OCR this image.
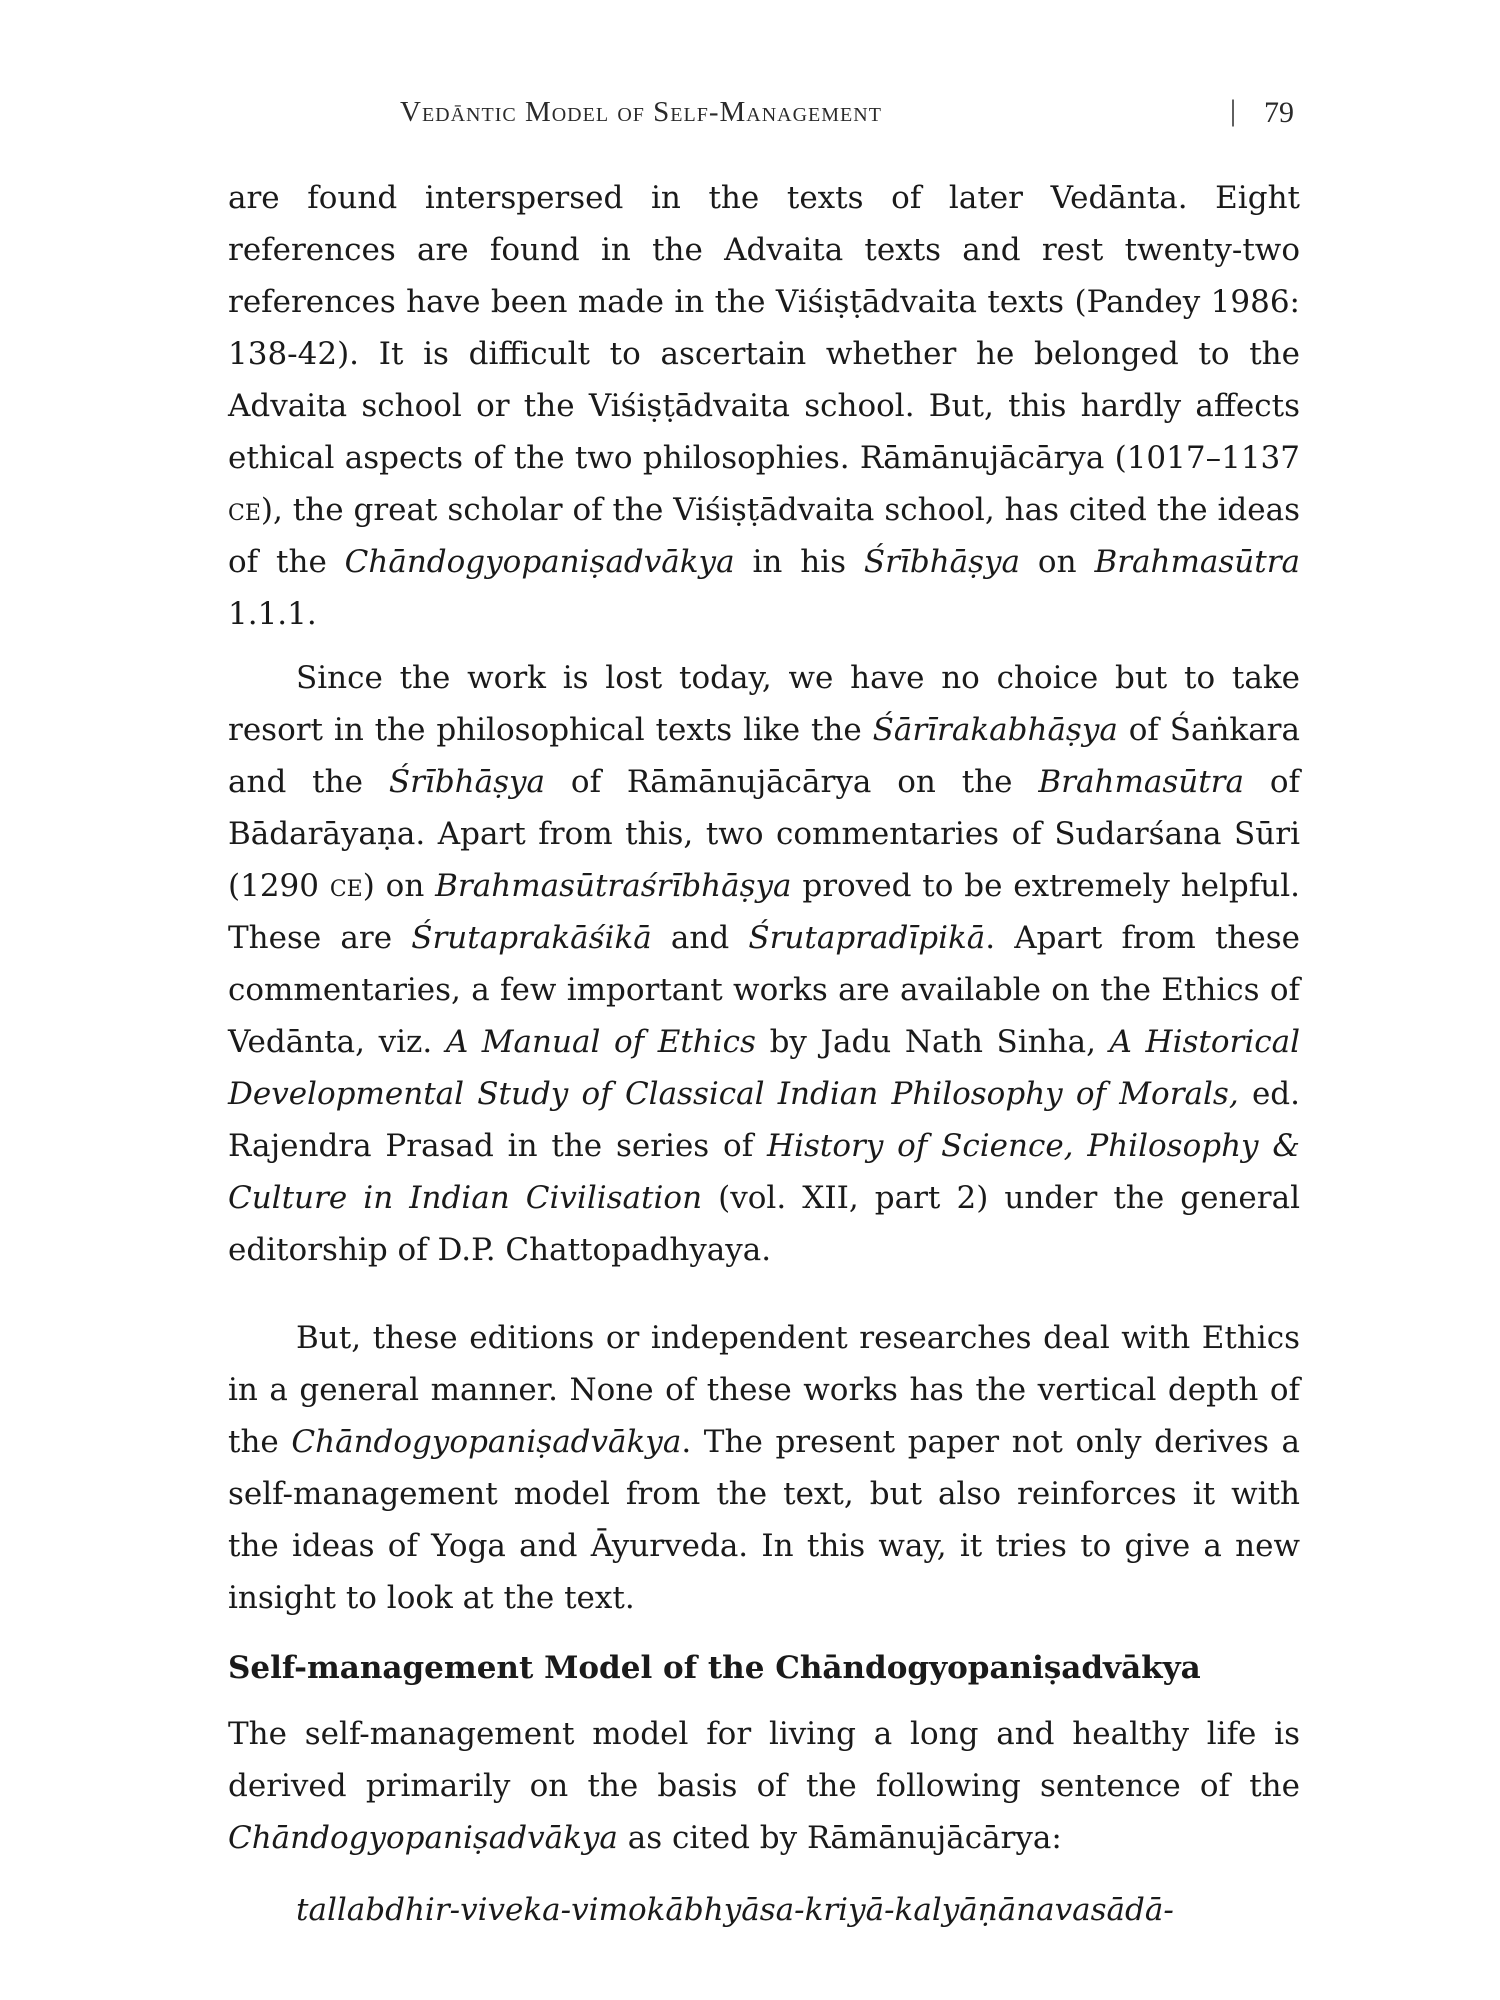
Vedāntic Model of Self-Management	| 79

are found interspersed in the texts of later Vedānta. Eight references are found in the Advaita texts and rest twenty-two references have been made in the Viśiṣṭādvaita texts (Pandey 1986: 138-42). It is difficult to ascertain whether he belonged to the Advaita school or the Viśiṣṭādvaita school. But, this hardly affects ethical aspects of the two philosophies. Rāmānujācārya (1017–1137 ce), the great scholar of the Viśiṣṭādvaita school, has cited the ideas of the Chāndogyopaniṣadvākya in his Śrībhāṣya on Brahmasūtra 1.1.1.

Since the work is lost today, we have no choice but to take resort in the philosophical texts like the Śārīrakabhāṣya of Śaṅkara and the Śrībhāṣya of Rāmānujācārya on the Brahmasūtra of Bādarāyaṇa. Apart from this, two commentaries of Sudarśana Sūri (1290 ce) on Brahmasūtraśrībhāṣya proved to be extremely helpful. These are Śrutaprakāśikā and Śrutapradīpikā. Apart from these commentaries, a few important works are available on the Ethics of Vedānta, viz. A Manual of Ethics by Jadu Nath Sinha, A Historical Developmental Study of Classical Indian Philosophy of Morals, ed. Rajendra Prasad in the series of History of Science, Philosophy & Culture in Indian Civilisation (vol. XII, part 2) under the general editorship of D.P. Chattopadhyaya.

But, these editions or independent researches deal with Ethics in a general manner. None of these works has the vertical depth of the Chāndogyopaniṣadvākya. The present paper not only derives a self-management model from the text, but also reinforces it with the ideas of Yoga and Āyurveda. In this way, it tries to give a new insight to look at the text.

Self-management Model of the Chāndogyopaniṣadvākya

The self-management model for living a long and healthy life is derived primarily on the basis of the following sentence of the Chāndogyopaniṣadvākya as cited by Rāmānujācārya:

tallabdhir-viveka-vimokābhyāsa-kriyā-kalyāṇānavasādā-
